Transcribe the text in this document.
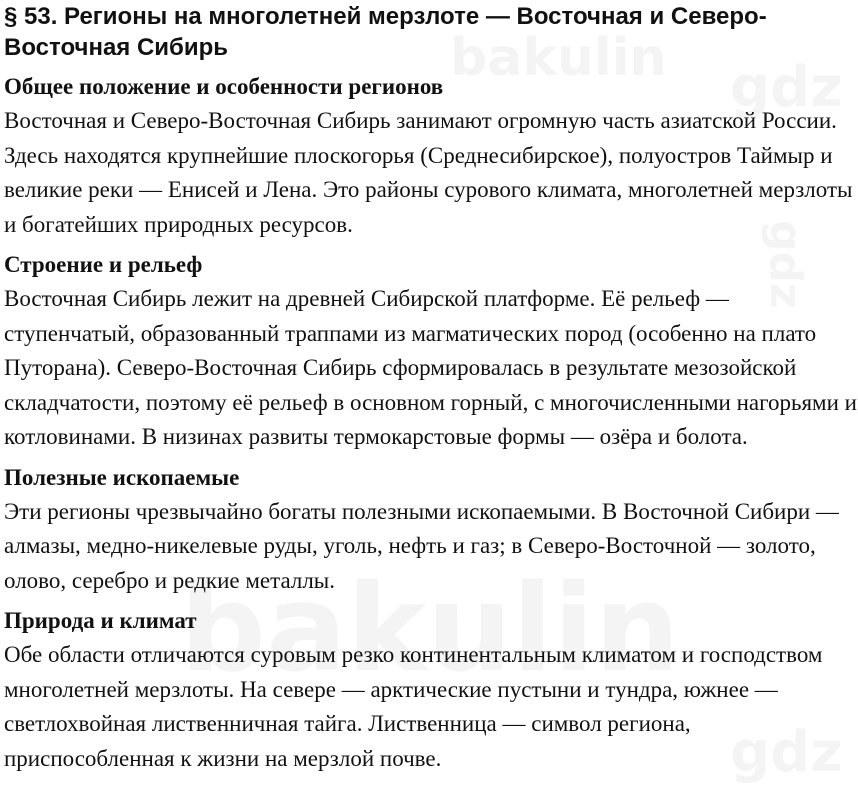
§ 53. Регионы на многолетней мерзлоте — Восточная и Северо-Восточная Сибирь
Общее положение и особенности регионов

Восточная и Северо-Восточная Сибирь занимают огромную часть азиатской России. Здесь находятся крупнейшие плоскогорья (Среднесибирское), полуостров Таймыр и великие реки — Енисей и Лена. Это районы сурового климата, многолетней мерзлоты и богатейших природных ресурсов.

Строение и рельеф

Восточная Сибирь лежит на древней Сибирской платформе. Её рельеф — ступенчатый, образованный траппами из магматических пород (особенно на плато Путорана). Северо-Восточная Сибирь сформировалась в результате мезозойской складчатости, поэтому её рельеф в основном горный, с многочисленными нагорьями и котловинами. В низинах развиты термокарстовые формы — озёра и болота.

Полезные ископаемые

Эти регионы чрезвычайно богаты полезными ископаемыми. В Восточной Сибири — алмазы, медно-никелевые руды, уголь, нефть и газ; в Северо-Восточной — золото, олово, серебро и редкие металлы.

Природа и климат

Обе области отличаются суровым резко континентальным климатом и господством многолетней мерзлоты. На севере — арктические пустыни и тундра, южнее — светлохвойная лиственничная тайга. Лиственница — символ региона, приспособленная к жизни на мерзлой почве.
